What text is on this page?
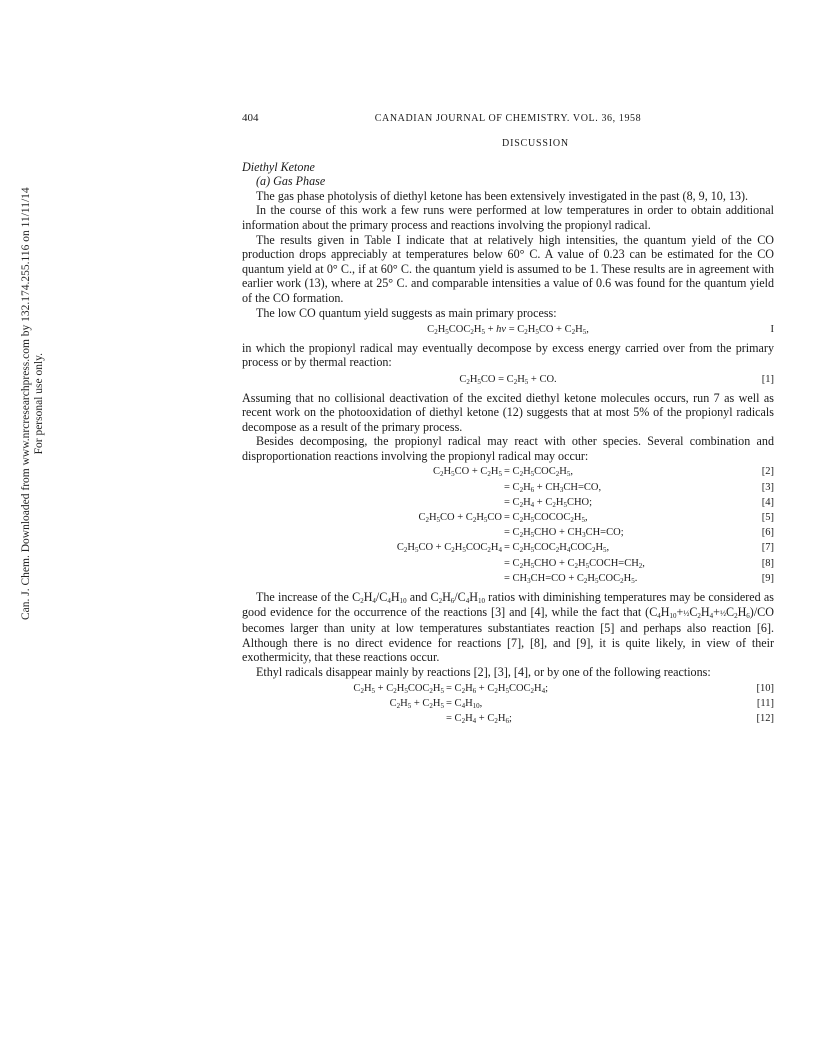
Can. J. Chem. Downloaded from www.nrcresearchpress.com by 132.174.255.116 on 11/11/14 For personal use only.
404	CANADIAN JOURNAL OF CHEMISTRY. VOL. 36, 1958
DISCUSSION
Diethyl Ketone
(a) Gas Phase

The gas phase photolysis of diethyl ketone has been extensively investigated in the past (8, 9, 10, 13).

In the course of this work a few runs were performed at low temperatures in order to obtain additional information about the primary process and reactions involving the propionyl radical.

The results given in Table I indicate that at relatively high intensities, the quantum yield of the CO production drops appreciably at temperatures below 60° C. A value of 0.23 can be estimated for the CO quantum yield at 0° C., if at 60° C. the quantum yield is assumed to be 1. These results are in agreement with earlier work (13), where at 25° C. and comparable intensities a value of 0.6 was found for the quantum yield of the CO formation.

The low CO quantum yield suggests as main primary process:

$C_2H_5COC_2H_5 + h\nu = C_2H_5CO + C_2H_5$,	I

in which the propionyl radical may eventually decompose by excess energy carried over from the primary process or by thermal reaction:

$C_2H_5CO = C_2H_5$ + CO.	[1]

Assuming that no collisional deactivation of the excited diethyl ketone molecules occurs, run 7 as well as recent work on the photooxidation of diethyl ketone (12) suggests that at most 5% of the propionyl radicals decompose as a result of the primary process.

Besides decomposing, the propionyl radical may react with other species. Several combination and disproportionation reactions involving the propionyl radical may occur:

$C_2H_5CO + C_2H_5 = C_2H_5COC_2H_5$,	[2]
= $C_2H_6 + CH_3CH=CO$,	[3]
= $C_2H_4 + C_2H_5CHO$;	[4]
$C_2H_5CO + C_2H_5CO$ = $C_2H_5COCOC_2H_5$,	[5]
= $C_2H_5CHO + CH_3CH=CO$;	[6]
$C_2H_5CO + C_2H_5COC_2H_4 = C_2H_5COC_2H_4COC_2H_5$,	[7]
= $C_2H_5CHO$ + $C_2H_5COCH=CH_2$,	[8]
= $CH_3CH=CO + C_2H_5COC_2H_5$.	[9]

The increase of the $C_2H_4/C_4H_{10}$ and $C_2H_6/C_4H_{10}$ ratios with diminishing temperatures may be considered as good evidence for the occurrence of the reactions [3] and [4], while the fact that $(C_4H_{10}+\frac{1}{2}C_2H_4+\frac{1}{2}C_2H_6)/CO$ becomes larger than unity at low temperatures substantiates reaction [5] and perhaps also reaction [6]. Although there is no direct evidence for reactions [7], [8], and [9], it is quite likely, in view of their exothermicity, that these reactions occur.

Ethyl radicals disappear mainly by reactions [2], [3], [4], or by one of the following reactions:

$C_2H_5 + C_2H_5COC_2H_5 = C_2H_6 + C_2H_5COC_2H_4$;	[10]
$C_2H_5 + C_2H_5 = C_4H_{10}$,	[11]
= $C_2H_4 + C_2H_6$;	[12]
